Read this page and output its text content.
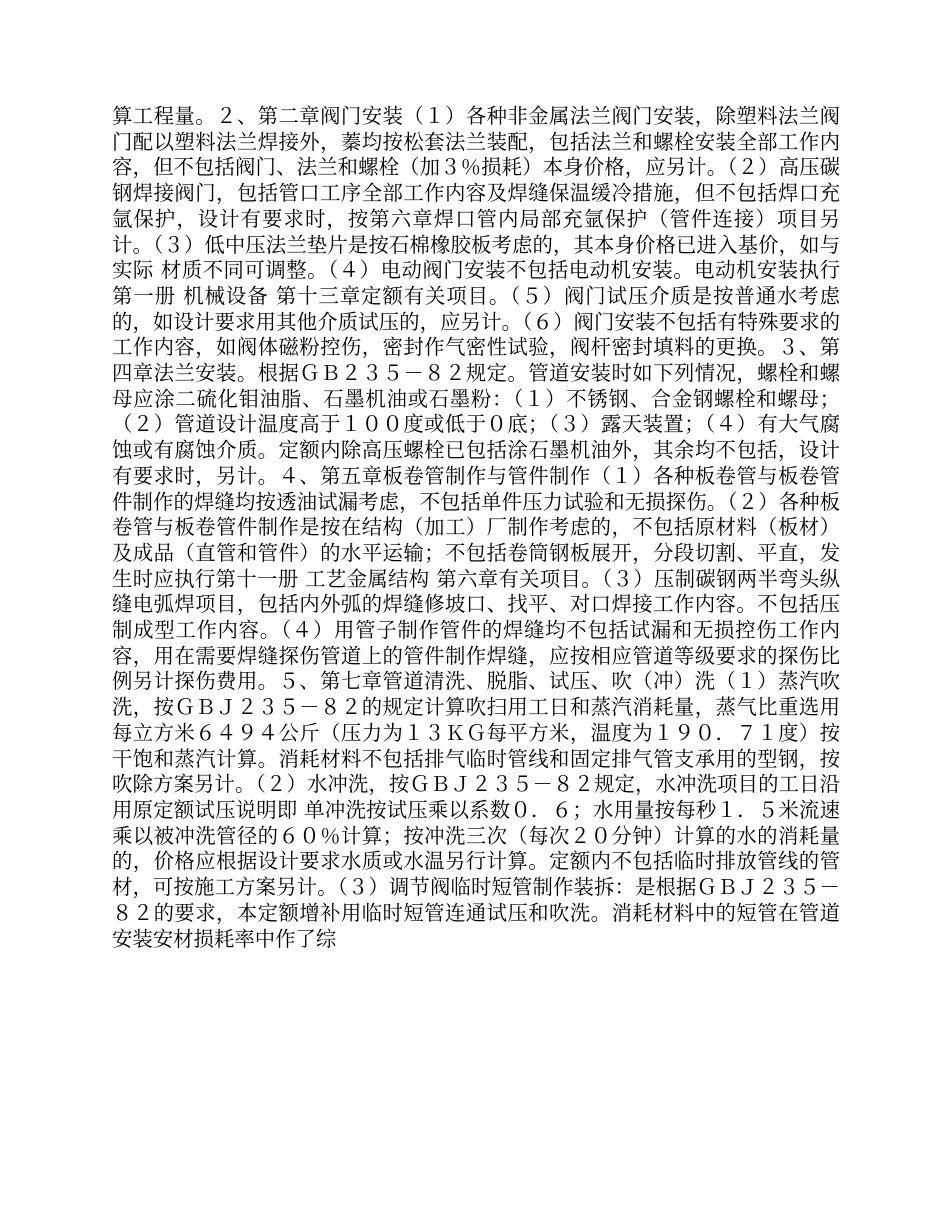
算工程量。２、第二章阀门安装（１）各种非金属法兰阀门安装，除塑料法兰阀门配以塑料法兰焊接外，蓁均按松套法兰装配，包括法兰和螺栓安装全部工作内容，但不包括阀门、法兰和螺栓（加３％损耗）本身价格，应另计。（２）高压碳钢焊接阀门，包括管口工序全部工作内容及焊缝保温缓冷措施，但不包括焊口充氩保护，设计有要求时，按第六章焊口管内局部充氩保护（管件连接）项目另计。（３）低中压法兰垫片是按石棉橡胶板考虑的，其本身价格已进入基价，如与实际 材质不同可调整。（４）电动阀门安装不包括电动机安装。电动机安装执行第一册 机械设备 第十三章定额有关项目。（５）阀门试压介质是按普通水考虑的，如设计要求用其他介质试压的，应另计。（６）阀门安装不包括有特殊要求的工作内容，如阀体磁粉控伤，密封作气密性试验，阀杆密封填料的更换。３、第四章法兰安装。根据ＧＢ２３５－８２规定。管道安装时如下列情况，螺栓和螺母应涂二硫化钼油脂、石墨机油或石墨粉：（１）不锈钢、合金钢螺栓和螺母；（２）管道设计温度高于１００度或低于０底；（３）露天装置；（４）有大气腐蚀或有腐蚀介质。定额内除高压螺栓已包括涂石墨机油外，其余均不包括，设计有要求时，另计。４、第五章板卷管制作与管件制作（１）各种板卷管与板卷管件制作的焊缝均按透油试漏考虑，不包括单件压力试验和无损探伤。（２）各种板卷管与板卷管件制作是按在结构（加工）厂制作考虑的，不包括原材料（板材）及成品（直管和管件）的水平运输；不包括卷筒钢板展开，分段切割、平直，发生时应执行第十一册 工艺金属结构 第六章有关项目。（３）压制碳钢两半弯头纵缝电弧焊项目，包括内外弧的焊缝修坡口、找平、对口焊接工作内容。不包括压制成型工作内容。（４）用管子制作管件的焊缝均不包括试漏和无损控伤工作内容，用在需要焊缝探伤管道上的管件制作焊缝，应按相应管道等级要求的探伤比例另计探伤费用。５、第七章管道清洗、脱脂、试压、吹（冲）洗（１）蒸汽吹洗，按ＧＢＪ２３５－８２的规定计算吹扫用工日和蒸汽消耗量，蒸气比重选用每立方米６４９４公斤（压力为１３ＫＧ每平方米，温度为１９０．７１度）按干饱和蒸汽计算。消耗材料不包括排气临时管线和固定排气管支承用的型钢，按吹除方案另计。（２）水冲洗，按ＧＢＪ２３５－８２规定，水冲洗项目的工日沿用原定额试压说明即 单冲洗按试压乘以系数０．６；水用量按每秒１．５米流速乘以被冲洗管径的６０％计算；按冲洗三次（每次２０分钟）计算的水的消耗量的，价格应根据设计要求水质或水温另行计算。定额内不包括临时排放管线的管材，可按施工方案另计。（３）调节阀临时短管制作装拆：是根据ＧＢＪ２３５－８２的要求，本定额增补用临时短管连通试压和吹洗。消耗材料中的短管在管道安装安材损耗率中作了综
